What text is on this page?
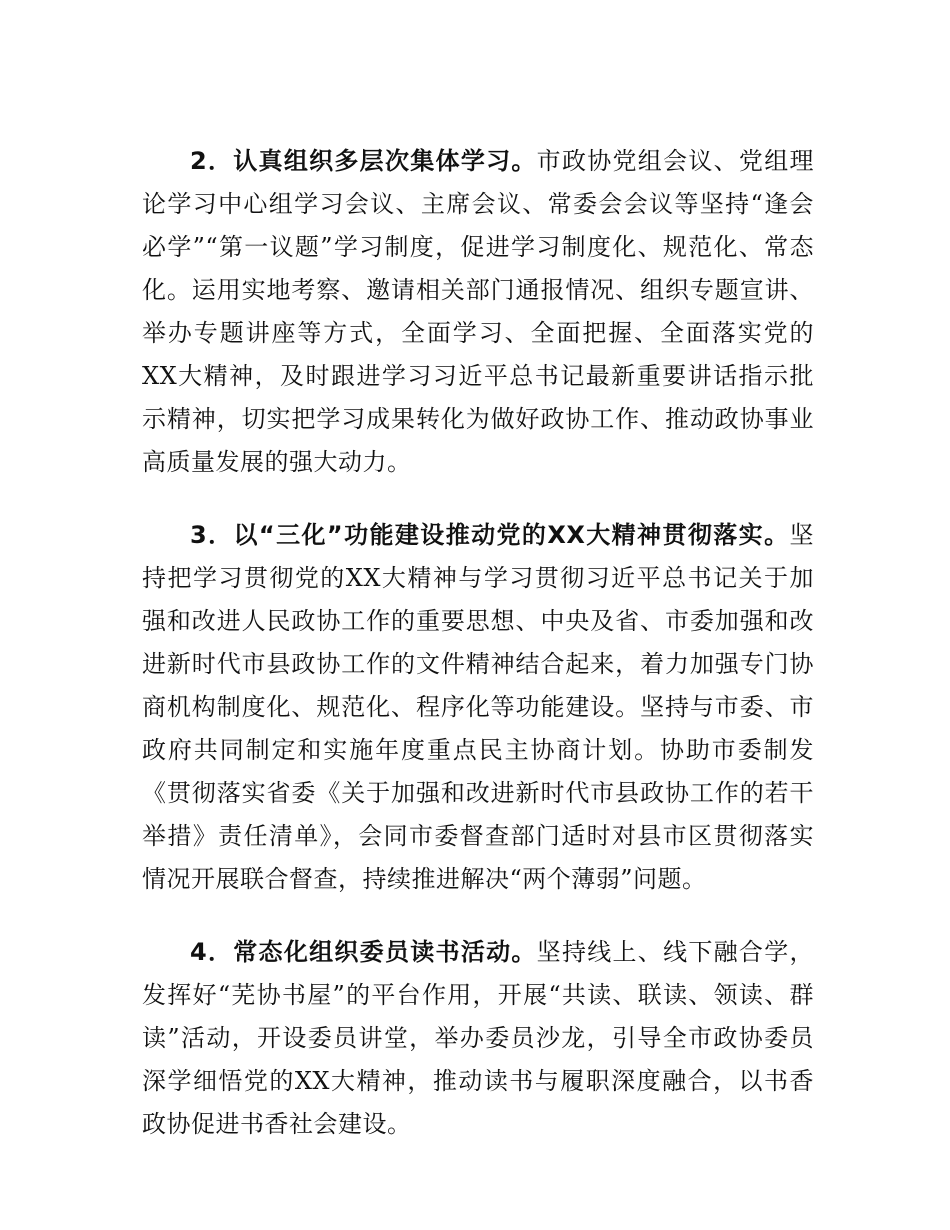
2．认真组织多层次集体学习。市政协党组会议、党组理论学习中心组学习会议、主席会议、常委会会议等坚持“逢会必学”“第一议题”学习制度，促进学习制度化、规范化、常态化。运用实地考察、邀请相关部门通报情况、组织专题宣讲、举办专题讲座等方式，全面学习、全面把握、全面落实党的XX大精神，及时跟进学习习近平总书记最新重要讲话指示批示精神，切实把学习成果转化为做好政协工作、推动政协事业高质量发展的强大动力。

3．以“三化”功能建设推动党的XX大精神贯彻落实。坚持把学习贯彻党的XX大精神与学习贯彻习近平总书记关于加强和改进人民政协工作的重要思想、中央及省、市委加强和改进新时代市县政协工作的文件精神结合起来，着力加强专门协商机构制度化、规范化、程序化等功能建设。坚持与市委、市政府共同制定和实施年度重点民主协商计划。协助市委制发《贯彻落实省委《关于加强和改进新时代市县政协工作的若干举措》责任清单》，会同市委督查部门适时对县市区贯彻落实情况开展联合督查，持续推进解决“两个薄弱”问题。

4．常态化组织委员读书活动。坚持线上、线下融合学，发挥好“芜协书屋”的平台作用，开展“共读、联读、领读、群读”活动，开设委员讲堂，举办委员沙龙，引导全市政协委员深学细悟党的XX大精神，推动读书与履职深度融合，以书香政协促进书香社会建设。
